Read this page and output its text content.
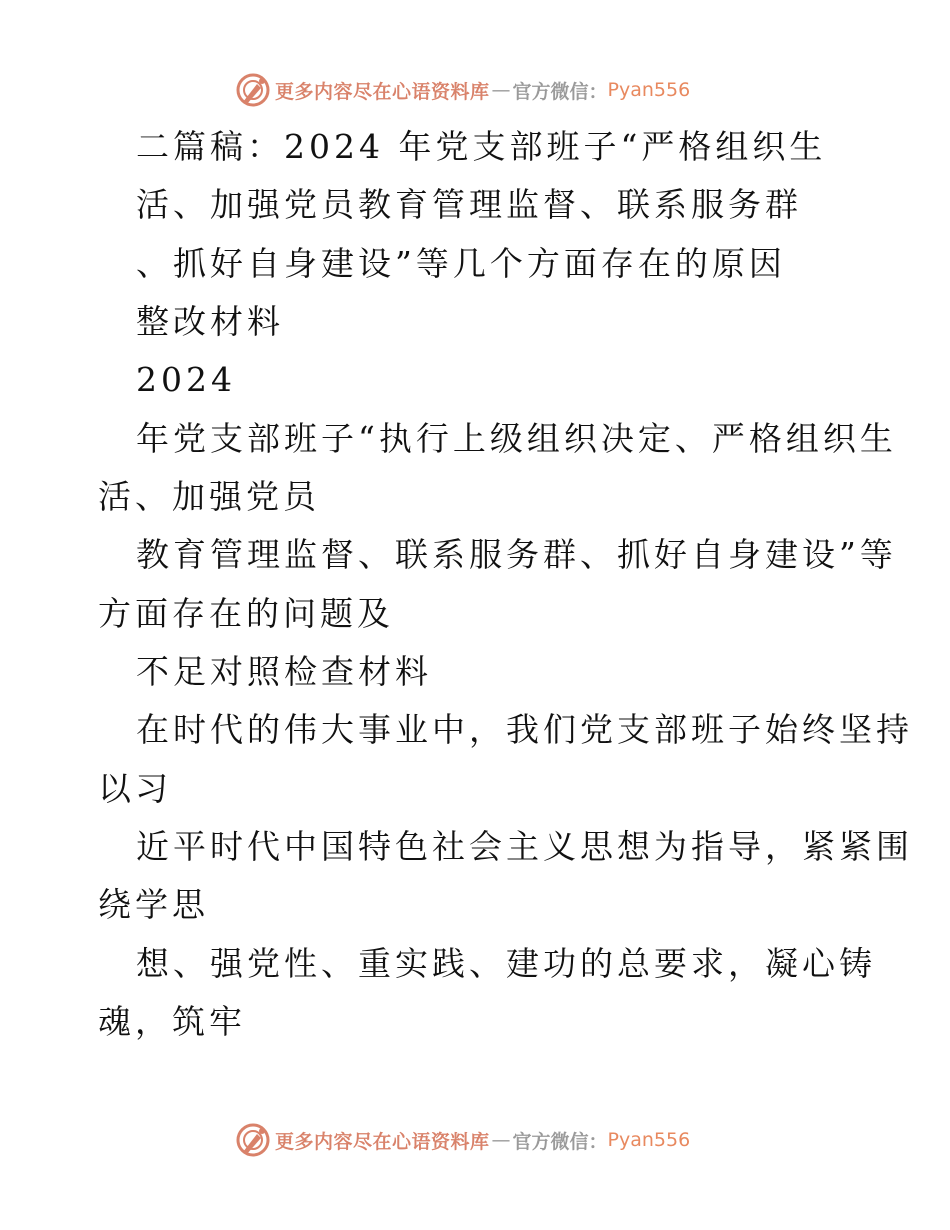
更多内容尽在心语资料库 — 官方微信： Pyan556
二篇稿：2024 年党支部班子“严格组织生
活、加强党员教育管理监督、联系服务群
、抓好自身建设”等几个方面存在的原因
整改材料
2024
年党支部班子“执行上级组织决定、严格组织生
活、加强党员
教育管理监督、联系服务群、抓好自身建设”等
方面存在的问题及
不足对照检查材料
在时代的伟大事业中，我们党支部班子始终坚持
以习
近平时代中国特色社会主义思想为指导，紧紧围
绕学思
想、强党性、重实践、建功的总要求，凝心铸
魂，筑牢
更多内容尽在心语资料库 — 官方微信： Pyan556
